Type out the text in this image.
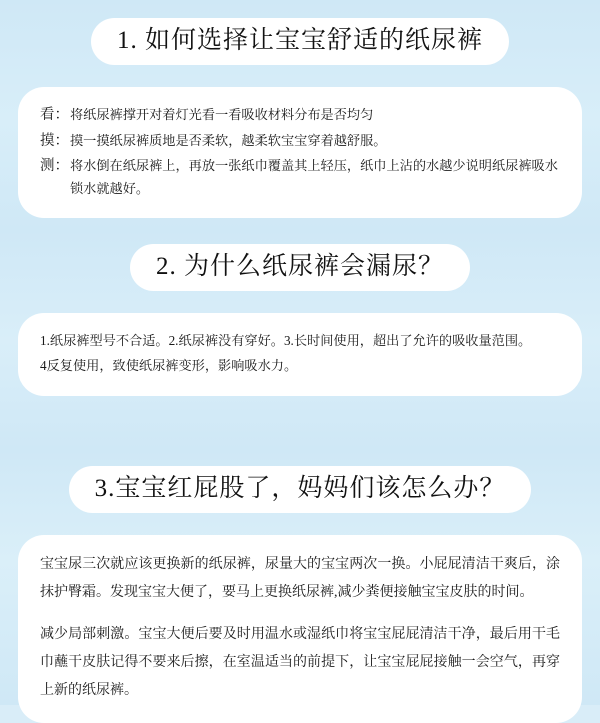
1. 如何选择让宝宝舒适的纸尿裤
看： 将纸尿裤撑开对着灯光看一看吸收材料分布是否均匀
摸： 摸一摸纸尿裤质地是否柔软，越柔软宝宝穿着越舒服。
测： 将水倒在纸尿裤上，再放一张纸巾覆盖其上轻压，纸巾上沾的水越少说明纸尿裤吸水锁水就越好。
2. 为什么纸尿裤会漏尿？
1.纸尿裤型号不合适。2.纸尿裤没有穿好。3.长时间使用，超出了允许的吸收量范围。
4反复使用，致使纸尿裤变形，影响吸水力。
3.宝宝红屁股了，妈妈们该怎么办？
宝宝尿三次就应该更换新的纸尿裤，尿量大的宝宝两次一换。小屁屁清洁干爽后，涂抹护臀霜。发现宝宝大便了，要马上更换纸尿裤,减少粪便接触宝宝皮肤的时间。
减少局部刺激。宝宝大便后要及时用温水或湿纸巾将宝宝屁屁清洁干净，最后用干毛巾蘸干皮肤记得不要来后擦，在室温适当的前提下，让宝宝屁屁接触一会空气，再穿上新的纸尿裤。
